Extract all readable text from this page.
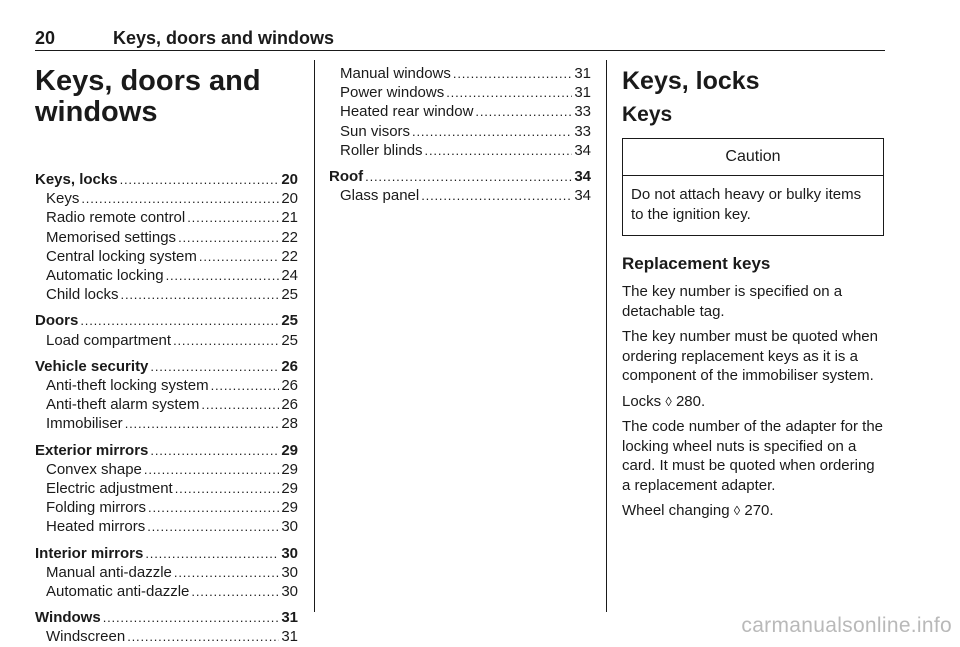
20	Keys, doors and windows
Keys, doors and
windows
Keys, locks . . .	20
Keys . . .	20
Radio remote control . . .	21
Memorised settings . . .	22
Central locking system . . .	22
Automatic locking . . .	24
Child locks . . .	25
Doors . . .	25
Load compartment . . .	25
Vehicle security . . .	26
Anti-theft locking system . . .	26
Anti-theft alarm system . . .	26
Immobiliser . . .	28
Exterior mirrors . . .	29
Convex shape . . .	29
Electric adjustment . . .	29
Folding mirrors . . .	29
Heated mirrors . . .	30
Interior mirrors . . .	30
Manual anti-dazzle . . .	30
Automatic anti-dazzle . . .	30
Windows . . .	31
Windscreen . . .	31
Manual windows . . .	31
Power windows . . .	31
Heated rear window . . .	33
Sun visors . . .	33
Roller blinds . . .	34
Roof . . .	34
Glass panel . . .	34
Keys, locks
Keys
Caution
Do not attach heavy or bulky items to the ignition key.
Replacement keys

The key number is specified on a detachable tag.

The key number must be quoted when ordering replacement keys as it is a component of the immobiliser system.

Locks ◊ 280.

The code number of the adapter for the locking wheel nuts is specified on a card. It must be quoted when ordering a replacement adapter.

Wheel changing ◊ 270.

carmanualsonline.info
